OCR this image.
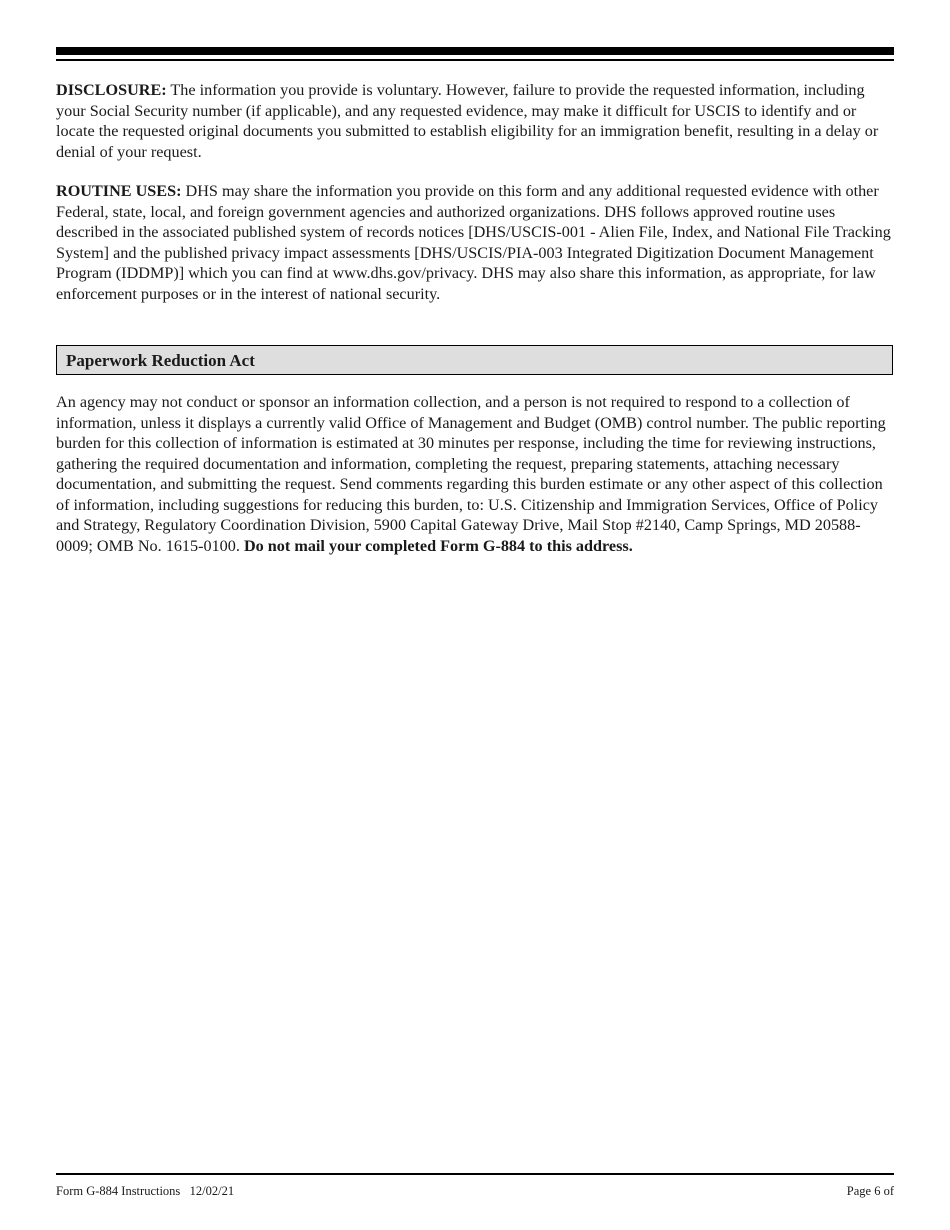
DISCLOSURE: The information you provide is voluntary. However, failure to provide the requested information, including your Social Security number (if applicable), and any requested evidence, may make it difficult for USCIS to identify and or locate the requested original documents you submitted to establish eligibility for an immigration benefit, resulting in a delay or denial of your request.

ROUTINE USES: DHS may share the information you provide on this form and any additional requested evidence with other Federal, state, local, and foreign government agencies and authorized organizations. DHS follows approved routine uses described in the associated published system of records notices [DHS/USCIS-001 - Alien File, Index, and National File Tracking System] and the published privacy impact assessments [DHS/USCIS/PIA-003 Integrated Digitization Document Management Program (IDDMP)] which you can find at www.dhs.gov/privacy. DHS may also share this information, as appropriate, for law enforcement purposes or in the interest of national security.

Paperwork Reduction Act

An agency may not conduct or sponsor an information collection, and a person is not required to respond to a collection of information, unless it displays a currently valid Office of Management and Budget (OMB) control number. The public reporting burden for this collection of information is estimated at 30 minutes per response, including the time for reviewing instructions, gathering the required documentation and information, completing the request, preparing statements, attaching necessary documentation, and submitting the request. Send comments regarding this burden estimate or any other aspect of this collection of information, including suggestions for reducing this burden, to: U.S. Citizenship and Immigration Services, Office of Policy and Strategy, Regulatory Coordination Division, 5900 Capital Gateway Drive, Mail Stop #2140, Camp Springs, MD 20588-0009; OMB No. 1615-0100. Do not mail your completed Form G-884 to this address.

Form G-884 Instructions   12/02/21	Page 6 of
